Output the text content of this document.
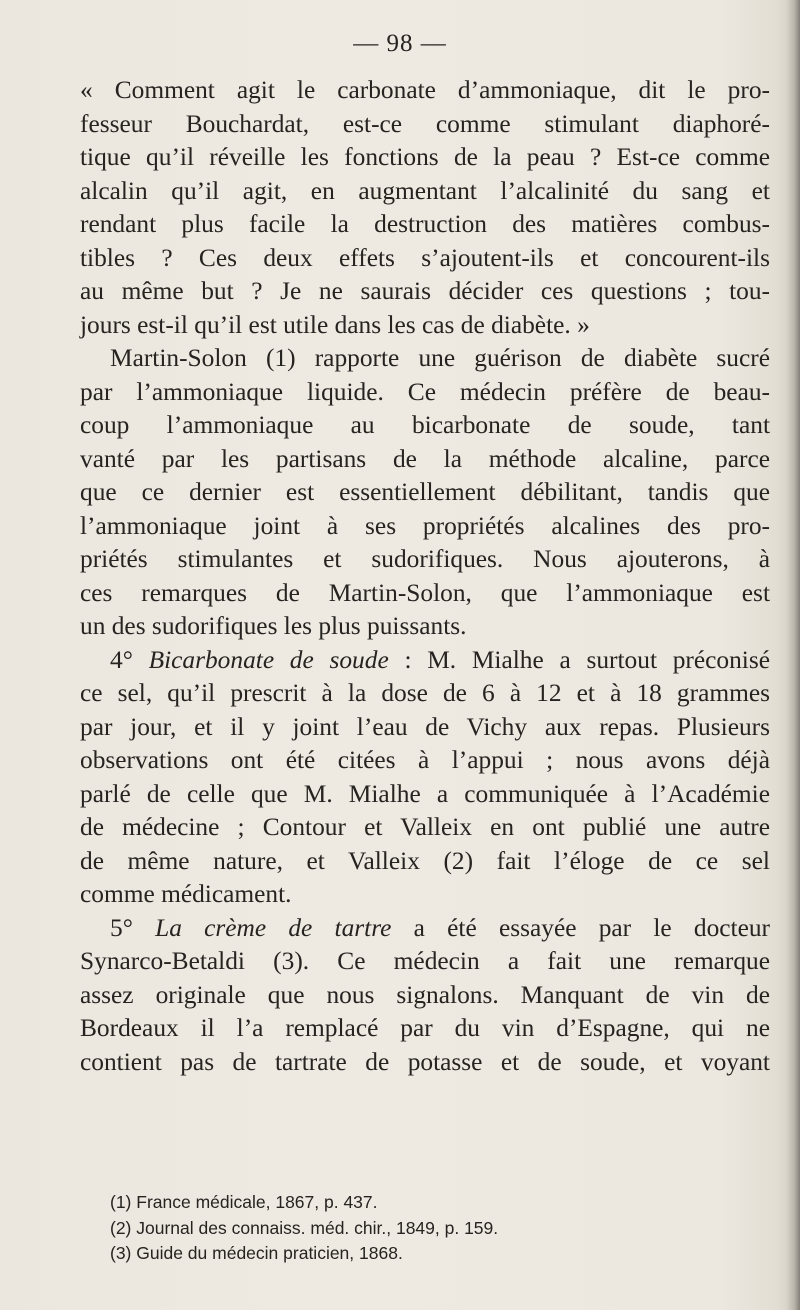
— 98 —
« Comment agit le carbonate d’ammoniaque, dit le pro-
fesseur Bouchardat, est-ce comme stimulant diaphoré-
tique qu’il réveille les fonctions de la peau ? Est-ce comme
alcalin qu’il agit, en augmentant l’alcalinité du sang et
rendant plus facile la destruction des matières combus-
tibles ? Ces deux effets s’ajoutent-ils et concourent-ils
au même but ? Je ne saurais décider ces questions ; tou-
jours est-il qu’il est utile dans les cas de diabète. »
Martin-Solon (1) rapporte une guérison de diabète sucré
par l’ammoniaque liquide. Ce médecin préfère de beau-
coup l’ammoniaque au bicarbonate de soude, tant
vanté par les partisans de la méthode alcaline, parce
que ce dernier est essentiellement débilitant, tandis que
l’ammoniaque joint à ses propriétés alcalines des pro-
priétés stimulantes et sudorifiques. Nous ajouterons, à
ces remarques de Martin-Solon, que l’ammoniaque est
un des sudorifiques les plus puissants.
4° Bicarbonate de soude : M. Mialhe a surtout préconisé
ce sel, qu’il prescrit à la dose de 6 à 12 et à 18 grammes
par jour, et il y joint l’eau de Vichy aux repas. Plusieurs
observations ont été citées à l’appui ; nous avons déjà
parlé de celle que M. Mialhe a communiquée à l’Académie
de médecine ; Contour et Valleix en ont publié une autre
de même nature, et Valleix (2) fait l’éloge de ce sel
comme médicament.
5° La crème de tartre a été essayée par le docteur
Synarco-Betaldi (3). Ce médecin a fait une remarque
assez originale que nous signalons. Manquant de vin de
Bordeaux il l’a remplacé par du vin d’Espagne, qui ne
contient pas de tartrate de potasse et de soude, et voyant
(1) France médicale, 1867, p. 437.
(2) Journal des connaiss. méd. chir., 1849, p. 159.
(3) Guide du médecin praticien, 1868.
